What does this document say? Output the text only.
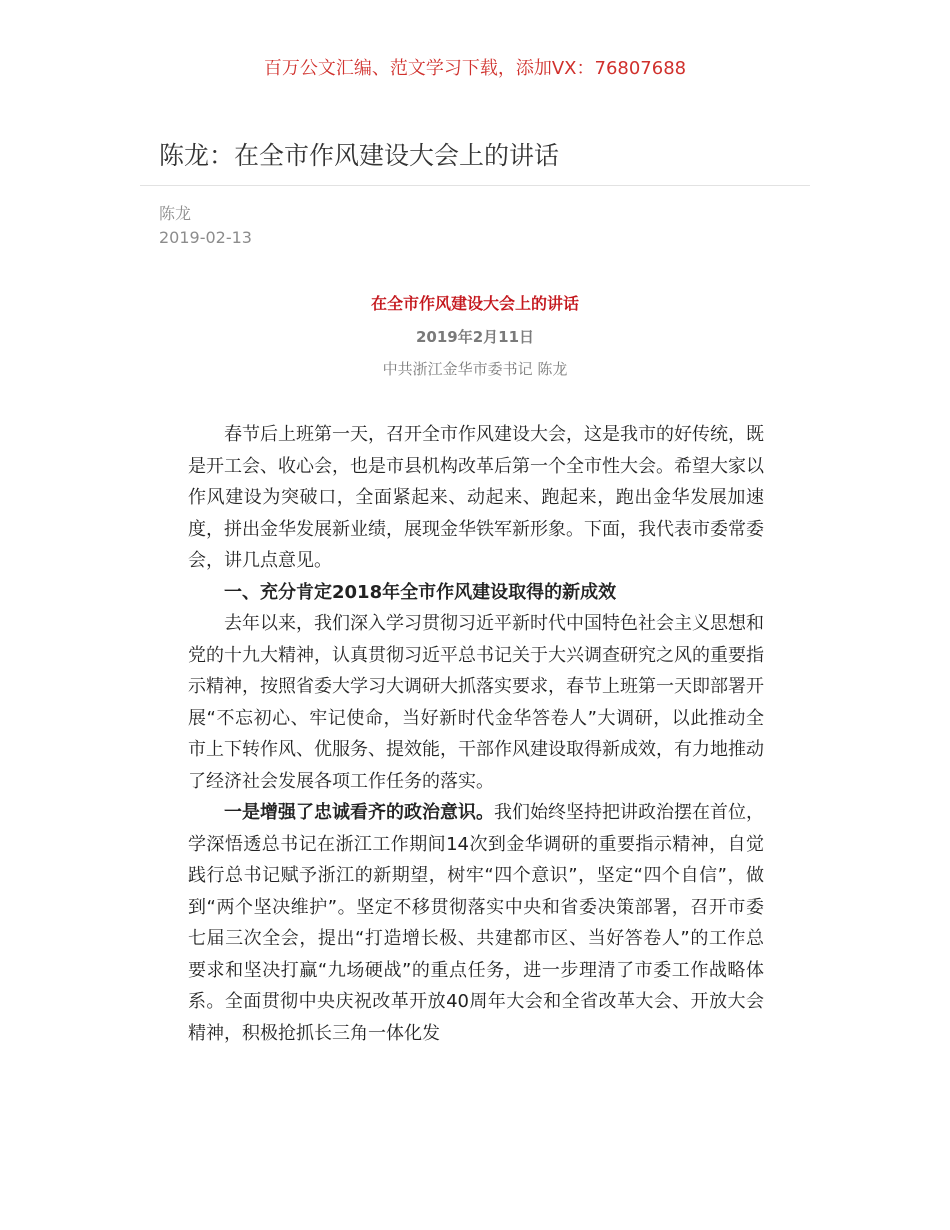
百万公文汇编、范文学习下载，添加VX：76807688
陈龙：在全市作风建设大会上的讲话
陈龙
2019-02-13
在全市作风建设大会上的讲话
2019年2月11日
中共浙江金华市委书记 陈龙

春节后上班第一天，召开全市作风建设大会，这是我市的好传统，既是开工会、收心会，也是市县机构改革后第一个全市性大会。希望大家以作风建设为突破口，全面紧起来、动起来、跑起来，跑出金华发展加速度，拼出金华发展新业绩，展现金华铁军新形象。下面，我代表市委常委会，讲几点意见。

一、充分肯定2018年全市作风建设取得的新成效

去年以来，我们深入学习贯彻习近平新时代中国特色社会主义思想和党的十九大精神，认真贯彻习近平总书记关于大兴调查研究之风的重要指示精神，按照省委大学习大调研大抓落实要求，春节上班第一天即部署开展“不忘初心、牢记使命，当好新时代金华答卷人”大调研，以此推动全市上下转作风、优服务、提效能，干部作风建设取得新成效，有力地推动了经济社会发展各项工作任务的落实。

一是增强了忠诚看齐的政治意识。我们始终坚持把讲政治摆在首位，学深悟透总书记在浙江工作期间14次到金华调研的重要指示精神，自觉践行总书记赋予浙江的新期望，树牢“四个意识”，坚定“四个自信”，做到“两个坚决维护”。坚定不移贯彻落实中央和省委决策部署，召开市委七届三次全会，提出“打造增长极、共建都市区、当好答卷人”的工作总要求和坚决打赢“九场硬战”的重点任务，进一步理清了市委工作战略体系。全面贯彻中央庆祝改革开放40周年大会和全省改革大会、开放大会精神，积极抢抓长三角一体化发
